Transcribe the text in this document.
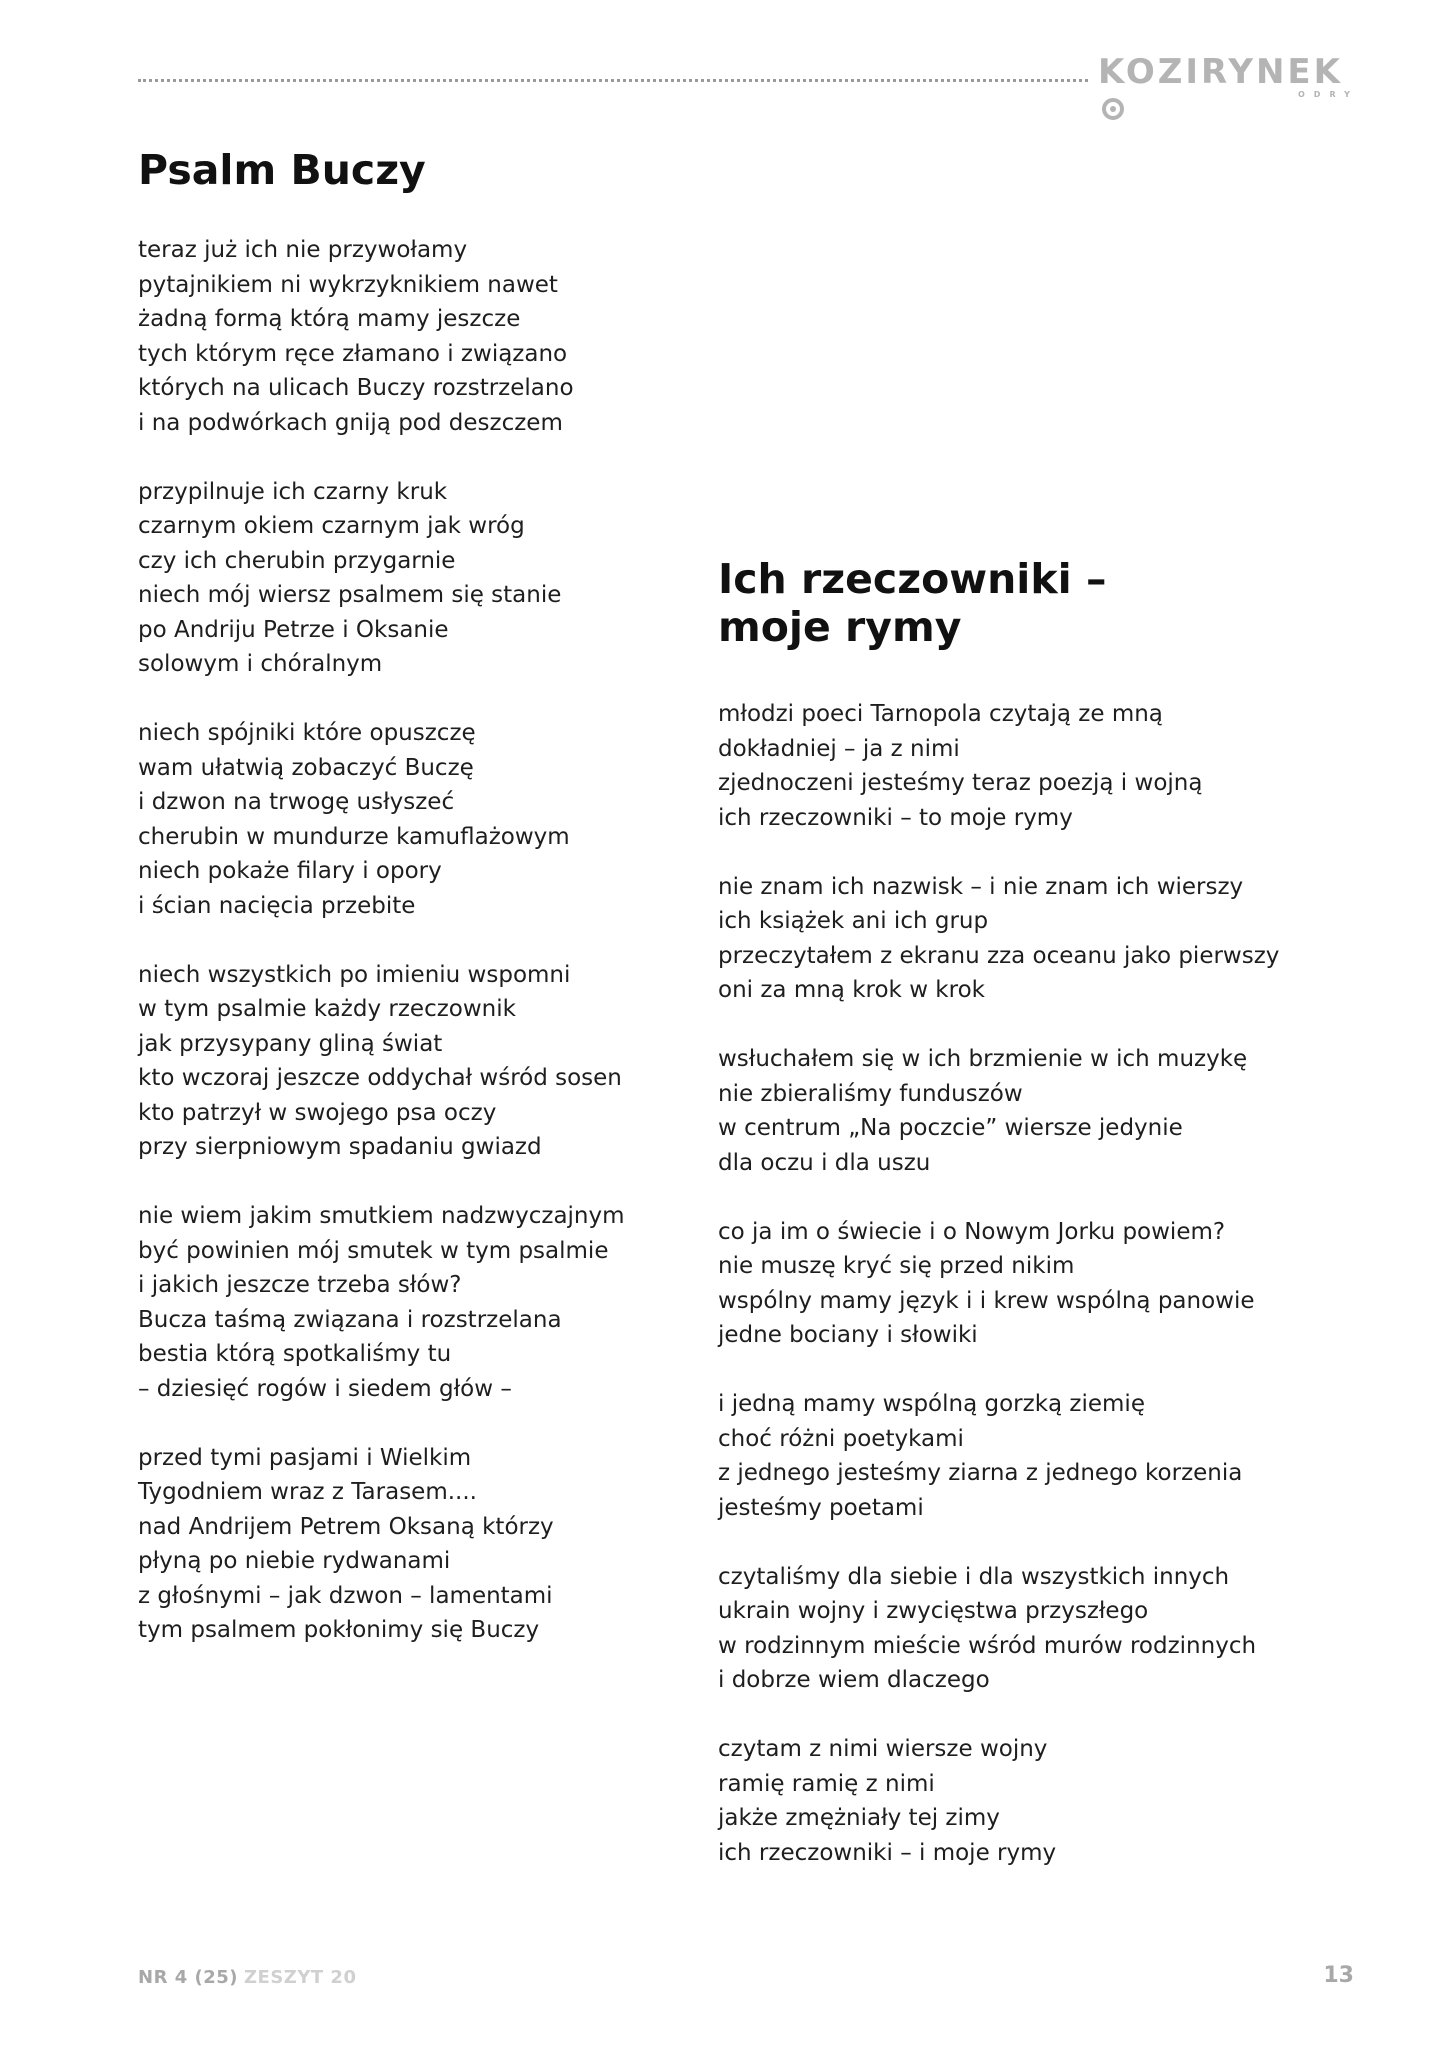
KOZIRYNEK
ODRY
Psalm Buczy

teraz już ich nie przywołamy
pytajnikiem ni wykrzyknikiem nawet
żadną formą którą mamy jeszcze
tych którym ręce złamano i związano
których na ulicach Buczy rozstrzelano
i na podwórkach gniją pod deszczem

przypilnuje ich czarny kruk
czarnym okiem czarnym jak wróg
czy ich cherubin przygarnie
niech mój wiersz psalmem się stanie
po Andriju Petrze i Oksanie
solowym i chóralnym

niech spójniki które opuszczę
wam ułatwią zobaczyć Buczę
i dzwon na trwogę usłyszeć
cherubin w mundurze kamuflażowym
niech pokaże filary i opory
i ścian nacięcia przebite

niech wszystkich po imieniu wspomni
w tym psalmie każdy rzeczownik
jak przysypany gliną świat
kto wczoraj jeszcze oddychał wśród sosen
kto patrzył w swojego psa oczy
przy sierpniowym spadaniu gwiazd

nie wiem jakim smutkiem nadzwyczajnym
być powinien mój smutek w tym psalmie
i jakich jeszcze trzeba słów?
Bucza taśmą związana i rozstrzelana
bestia którą spotkaliśmy tu
– dziesięć rogów i siedem głów –

przed tymi pasjami i Wielkim
Tygodniem wraz z Tarasem....
nad Andrijem Petrem Oksaną którzy
płyną po niebie rydwanami
z głośnymi – jak dzwon – lamentami
tym psalmem pokłonimy się Buczy

Ich rzeczowniki –
moje rymy

młodzi poeci Tarnopola czytają ze mną
dokładniej – ja z nimi
zjednoczeni jesteśmy teraz poezją i wojną
ich rzeczowniki – to moje rymy

nie znam ich nazwisk – i nie znam ich wierszy
ich książek ani ich grup
przeczytałem z ekranu zza oceanu jako pierwszy
oni za mną krok w krok

wsłuchałem się w ich brzmienie w ich muzykę
nie zbieraliśmy funduszów
w centrum „Na poczcie” wiersze jedynie
dla oczu i dla uszu

co ja im o świecie i o Nowym Jorku powiem?
nie muszę kryć się przed nikim
wspólny mamy język i i krew wspólną panowie
jedne bociany i słowiki

i jedną mamy wspólną gorzką ziemię
choć różni poetykami
z jednego jesteśmy ziarna z jednego korzenia
jesteśmy poetami

czytaliśmy dla siebie i dla wszystkich innych
ukrain wojny i zwycięstwa przyszłego
w rodzinnym mieście wśród murów rodzinnych
i dobrze wiem dlaczego

czytam z nimi wiersze wojny
ramię ramię z nimi
jakże zmężniały tej zimy
ich rzeczowniki – i moje rymy

NR 4 (25) ZESZYT 20	13
